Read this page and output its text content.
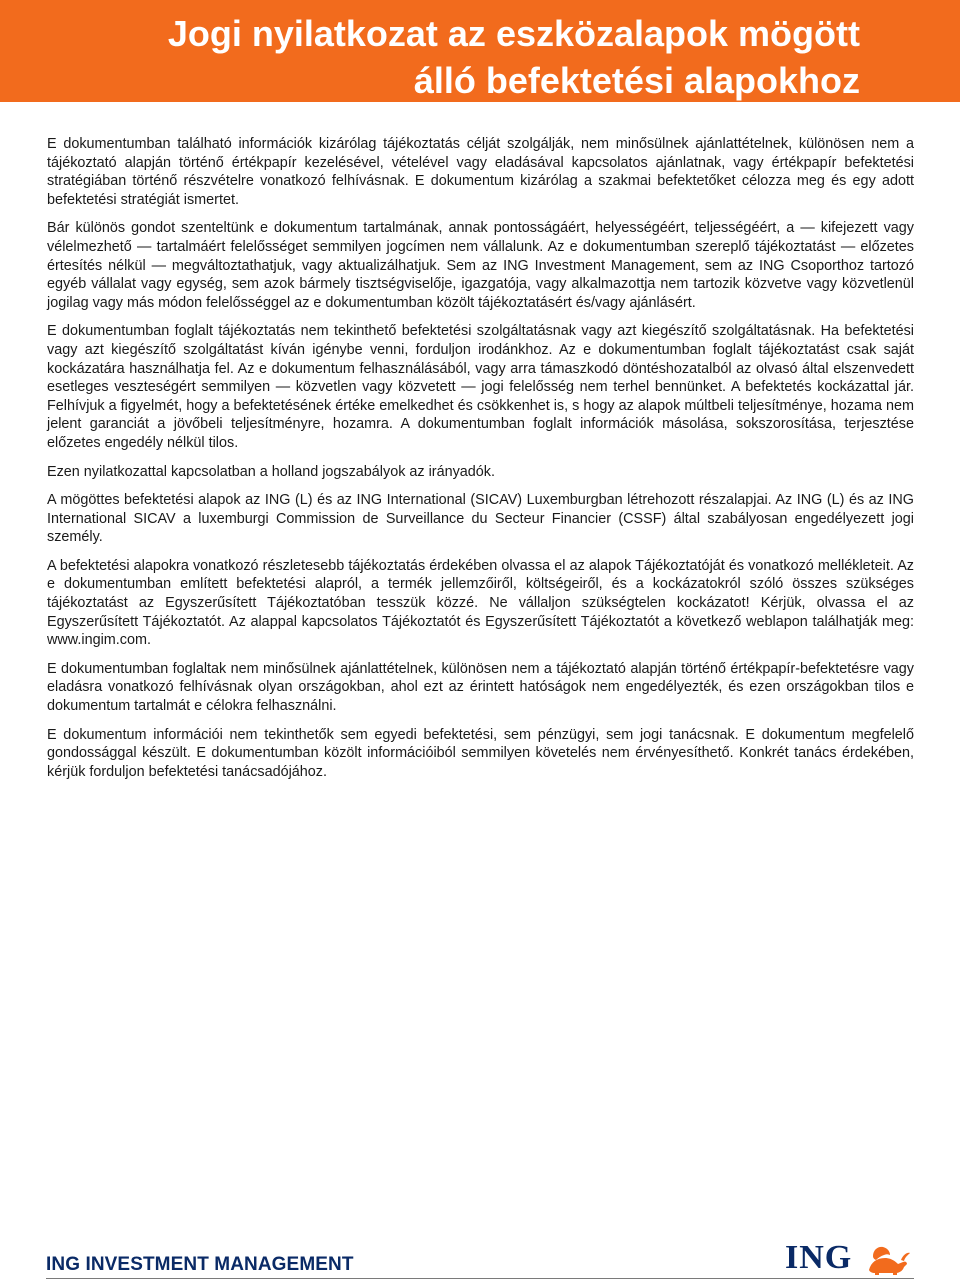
Jogi nyilatkozat az eszközalapok mögött
álló befektetési alapokhoz

E dokumentumban található információk kizárólag tájékoztatás célját szolgálják, nem minősülnek ajánlattételnek, különösen nem a tájékoztató alapján történő értékpapír kezelésével, vételével vagy eladásával kapcsolatos ajánlatnak, vagy értékpapír befektetési stratégiában történő részvételre vonatkozó felhívásnak. E dokumentum kizárólag a szakmai befektetőket célozza meg és egy adott befektetési stratégiát ismertet.

Bár különös gondot szenteltünk e dokumentum tartalmának, annak pontosságáért, helyességéért, teljességéért, a — kifejezett vagy vélelmezhető — tartalmáért felelősséget semmilyen jogcímen nem vállalunk. Az e dokumentumban szereplő tájékoztatást — előzetes értesítés nélkül — megváltoztathatjuk, vagy aktualizálhatjuk. Sem az ING Investment Management, sem az ING Csoporthoz tartozó egyéb vállalat vagy egység, sem azok bármely tisztségviselője, igazgatója, vagy alkalmazottja nem tartozik közvetve vagy közvetlenül jogilag vagy más módon felelősséggel az e dokumentumban közölt tájékoztatásért és/vagy ajánlásért.

E dokumentumban foglalt tájékoztatás nem tekinthető befektetési szolgáltatásnak vagy azt kiegészítő szolgáltatásnak. Ha befektetési vagy azt kiegészítő szolgáltatást kíván igénybe venni, forduljon irodánkhoz. Az e dokumentumban foglalt tájékoztatást csak saját kockázatára használhatja fel. Az e dokumentum felhasználásából, vagy arra támaszkodó döntéshozatalból az olvasó által elszenvedett esetleges veszteségért semmilyen — közvetlen vagy közvetett — jogi felelősség nem terhel bennünket. A befektetés kockázattal jár. Felhívjuk a figyelmét, hogy a befektetésének értéke emelkedhet és csökkenhet is, s hogy az alapok múltbeli teljesítménye, hozama nem jelent garanciát a jövőbeli teljesítményre, hozamra. A dokumentumban foglalt információk másolása, sokszorosítása, terjesztése előzetes engedély nélkül tilos.

Ezen nyilatkozattal kapcsolatban a holland jogszabályok az irányadók.

A mögöttes befektetési alapok az ING (L) és az ING International (SICAV) Luxemburgban létrehozott részalapjai. Az ING (L) és az ING International SICAV a luxemburgi Commission de Surveillance du Secteur Financier (CSSF) által szabályosan engedélyezett jogi személy.

A befektetési alapokra vonatkozó részletesebb tájékoztatás érdekében olvassa el az alapok Tájékoztatóját és vonatkozó mellékleteit. Az e dokumentumban említett befektetési alapról, a termék jellemzőiről, költségeiről, és a kockázatokról szóló összes szükséges tájékoztatást az Egyszerűsített Tájékoztatóban tesszük közzé. Ne vállaljon szükségtelen kockázatot! Kérjük, olvassa el az Egyszerűsített Tájékoztatót. Az alappal kapcsolatos Tájékoztatót és Egyszerűsített Tájékoztatót a következő weblapon találhatják meg: www.ingim.com.

E dokumentumban foglaltak nem minősülnek ajánlattételnek, különösen nem a tájékoztató alapján történő értékpapír-befektetésre vagy eladásra vonatkozó felhívásnak olyan országokban, ahol ezt az érintett hatóságok nem engedélyezték, és ezen országokban tilos e dokumentum tartalmát e célokra felhasználni.

E dokumentum információi nem tekinthetők sem egyedi befektetési, sem pénzügyi, sem jogi tanácsnak. E dokumentum megfelelő gondossággal készült. E dokumentumban közölt információiból semmilyen követelés nem érvényesíthető. Konkrét tanács érdekében, kérjük forduljon befektetési tanácsadójához.

ING INVESTMENT MANAGEMENT	ING
